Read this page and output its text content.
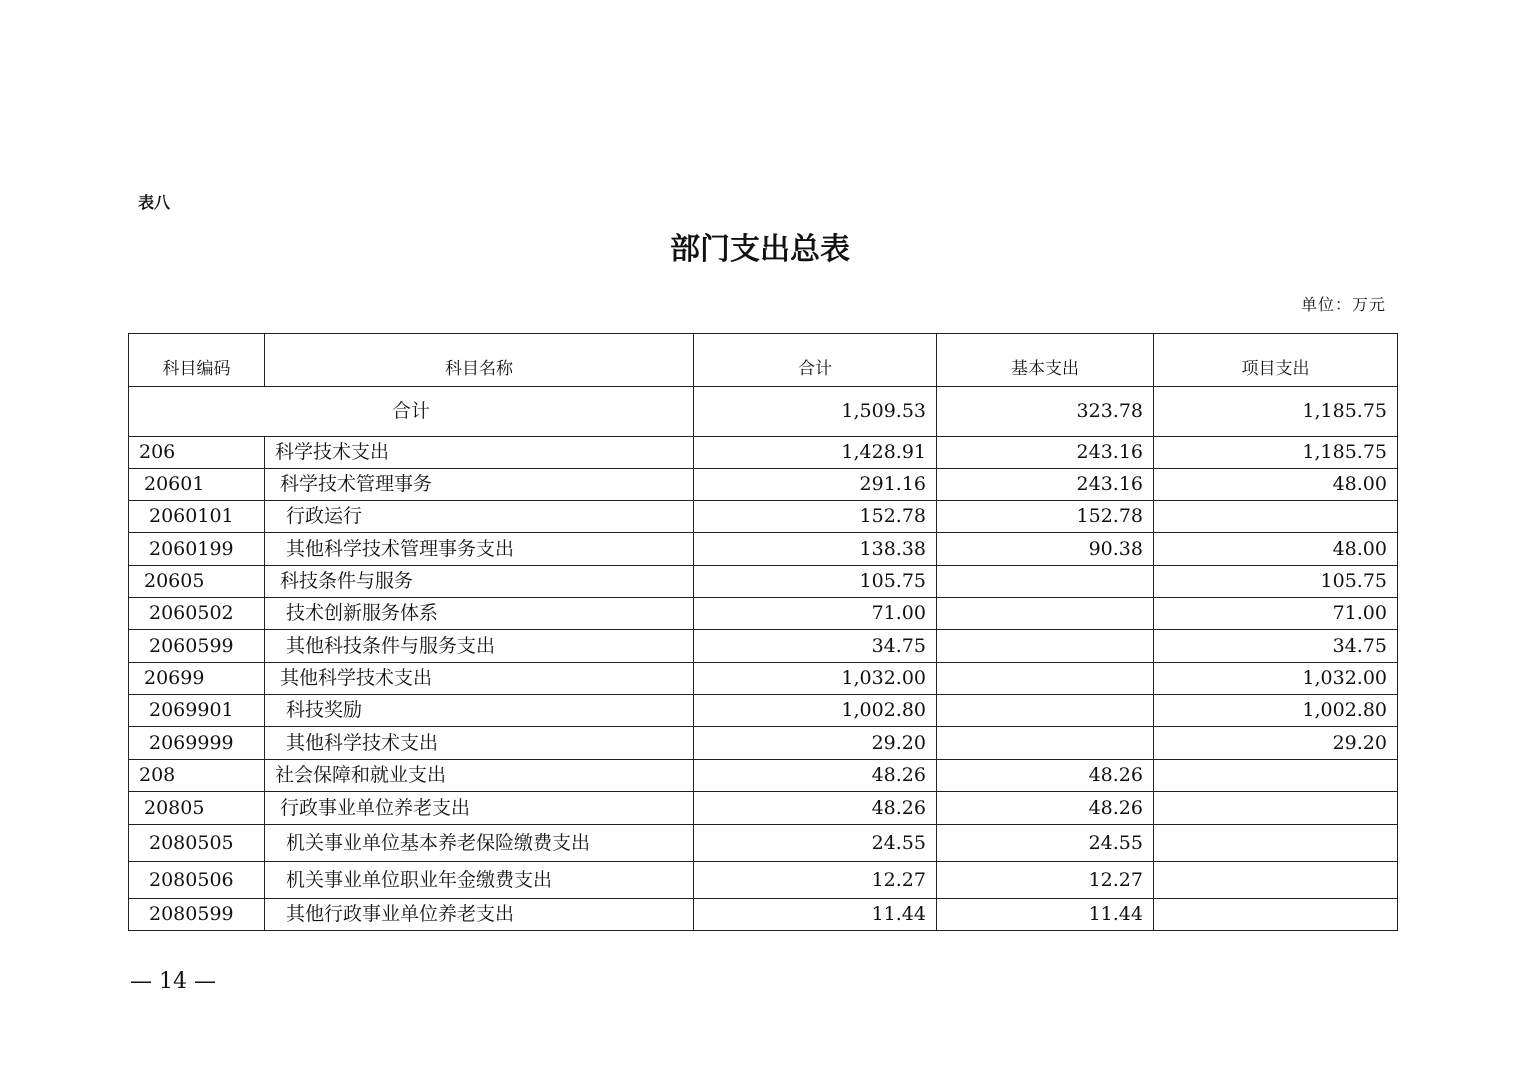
表八
部门支出总表
单位：万元
科目编码	科目名称	合计	基本支出	项目支出
合计		1,509.53	323.78	1,185.75
206	科学技术支出	1,428.91	243.16	1,185.75
20601	科学技术管理事务	291.16	243.16	48.00
2060101	行政运行	152.78	152.78	
2060199	其他科学技术管理事务支出	138.38	90.38	48.00
20605	科技条件与服务	105.75		105.75
2060502	技术创新服务体系	71.00		71.00
2060599	其他科技条件与服务支出	34.75		34.75
20699	其他科学技术支出	1,032.00		1,032.00
2069901	科技奖励	1,002.80		1,002.80
2069999	其他科学技术支出	29.20		29.20
208	社会保障和就业支出	48.26	48.26	
20805	行政事业单位养老支出	48.26	48.26	
2080505	机关事业单位基本养老保险缴费支出	24.55	24.55	
2080506	机关事业单位职业年金缴费支出	12.27	12.27	
2080599	其他行政事业单位养老支出	11.44	11.44	
— 14 —
